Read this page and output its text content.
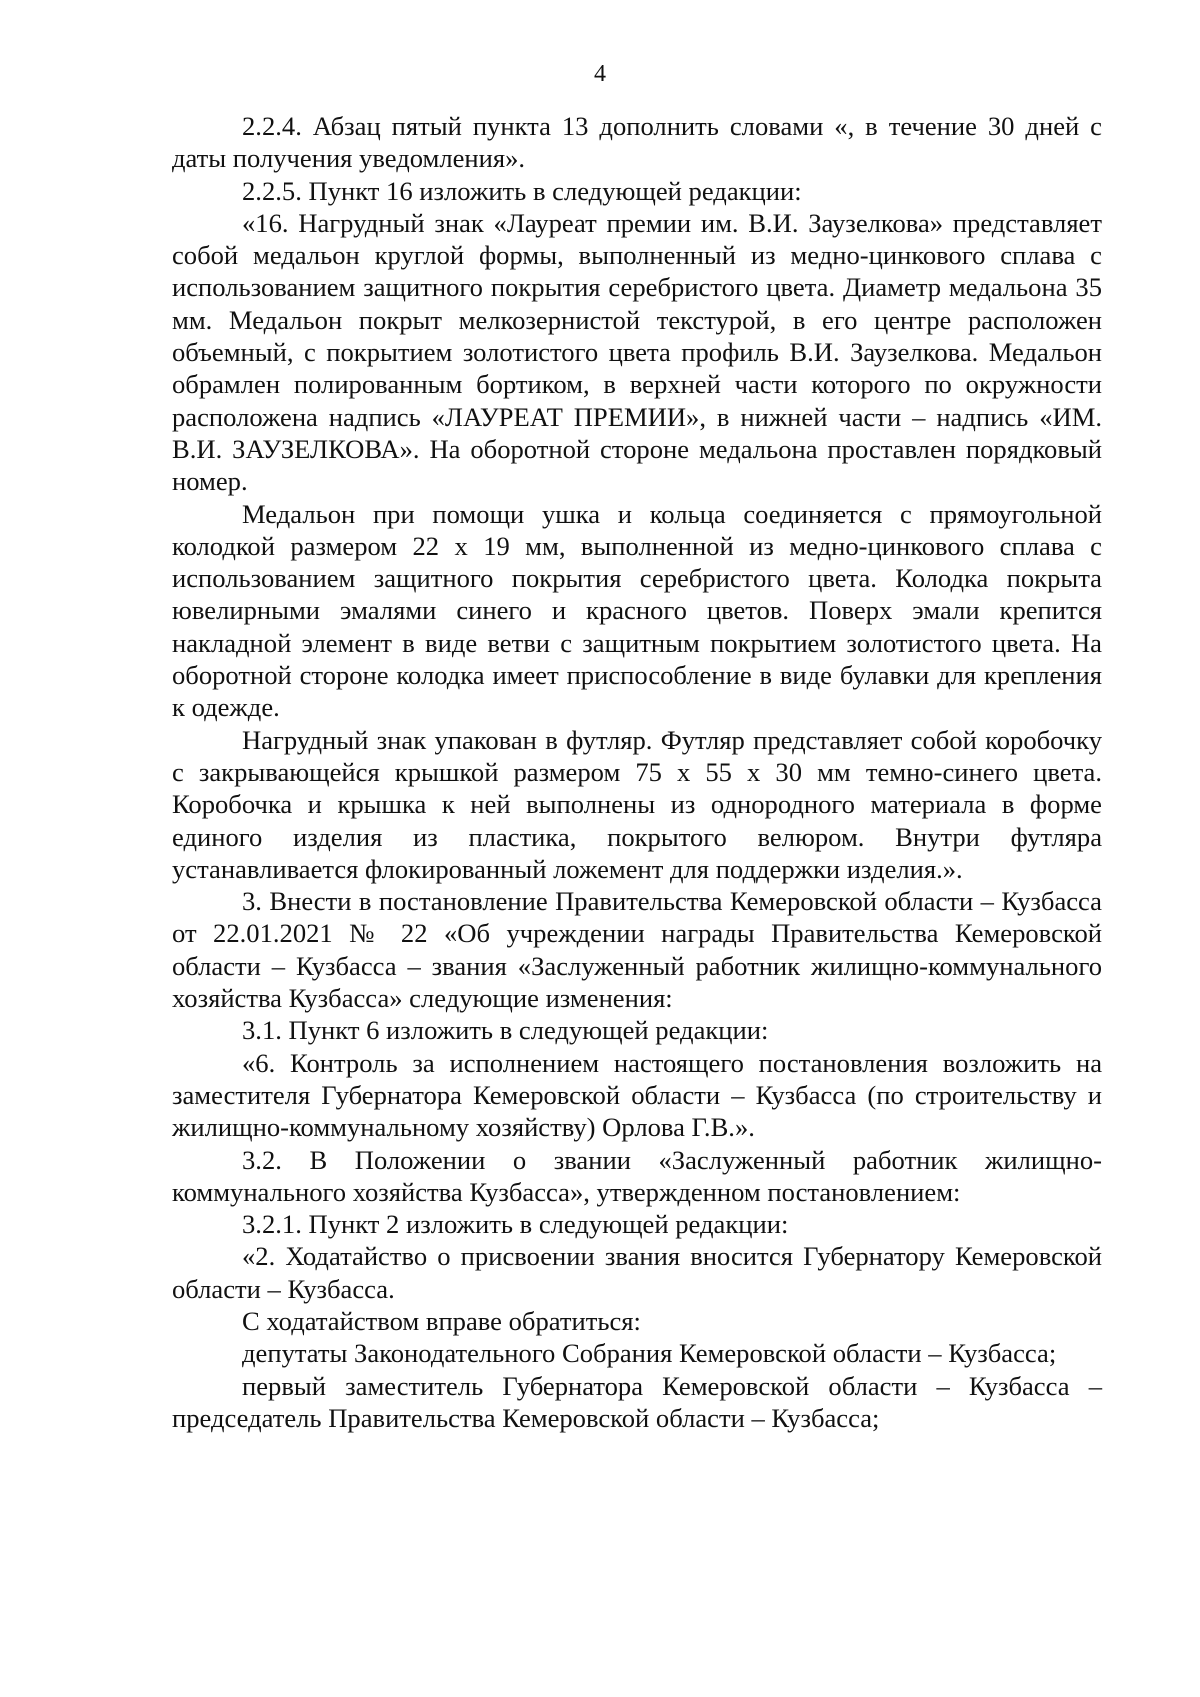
4

2.2.4. Абзац пятый пункта 13 дополнить словами «, в течение 30 дней с даты получения уведомления».

2.2.5. Пункт 16 изложить в следующей редакции:

«16. Нагрудный знак «Лауреат премии им. В.И. Заузелкова» представляет собой медальон круглой формы, выполненный из медно-цинкового сплава с использованием защитного покрытия серебристого цвета. Диаметр медальона 35 мм. Медальон покрыт мелкозернистой текстурой, в его центре расположен объемный, с покрытием золотистого цвета профиль В.И. Заузелкова. Медальон обрамлен полированным бортиком, в верхней части которого по окружности расположена надпись «ЛАУРЕАТ ПРЕМИИ», в нижней части – надпись «ИМ. В.И. ЗАУЗЕЛКОВА». На оборотной стороне медальона проставлен порядковый номер.

Медальон при помощи ушка и кольца соединяется с прямоугольной колодкой размером 22 х 19 мм, выполненной из медно-цинкового сплава с использованием защитного покрытия серебристого цвета. Колодка покрыта ювелирными эмалями синего и красного цветов. Поверх эмали крепится накладной элемент в виде ветви с защитным покрытием золотистого цвета. На оборотной стороне колодка имеет приспособление в виде булавки для крепления к одежде.

Нагрудный знак упакован в футляр. Футляр представляет собой коробочку с закрывающейся крышкой размером 75 х 55 х 30 мм темно-синего цвета. Коробочка и крышка к ней выполнены из однородного материала в форме единого изделия из пластика, покрытого велюром. Внутри футляра устанавливается флокированный ложемент для поддержки изделия.».

3. Внести в постановление Правительства Кемеровской области – Кузбасса от 22.01.2021 № 22 «Об учреждении награды Правительства Кемеровской области – Кузбасса – звания «Заслуженный работник жилищно-коммунального хозяйства Кузбасса» следующие изменения:

3.1. Пункт 6 изложить в следующей редакции:

«6. Контроль за исполнением настоящего постановления возложить на заместителя Губернатора Кемеровской области – Кузбасса (по строительству и жилищно-коммунальному хозяйству) Орлова Г.В.».

3.2. В Положении о звании «Заслуженный работник жилищно-коммунального хозяйства Кузбасса», утвержденном постановлением:

3.2.1. Пункт 2 изложить в следующей редакции:

«2. Ходатайство о присвоении звания вносится Губернатору Кемеровской области – Кузбасса.

С ходатайством вправе обратиться:

депутаты Законодательного Собрания Кемеровской области – Кузбасса;

первый заместитель Губернатора Кемеровской области – Кузбасса – председатель Правительства Кемеровской области – Кузбасса;
